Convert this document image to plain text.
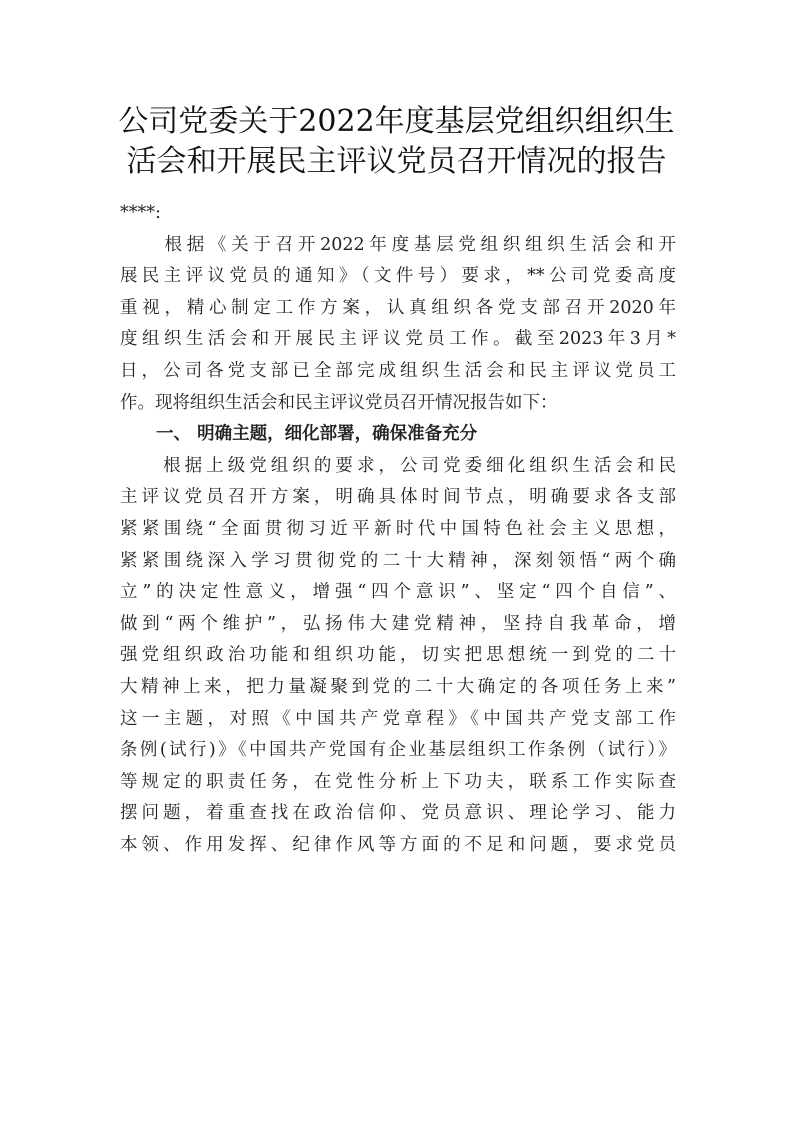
公司党委关于2022年度基层党组织组织生
活会和开展民主评议党员召开情况的报告
****:
　　根据《关于召开2022年度基层党组织组织生活会和开
展民主评议党员的通知》（文件号）要求，**公司党委高度
重视，精心制定工作方案，认真组织各党支部召开2020年
度组织生活会和开展民主评议党员工作。截至2023年3月*
日，公司各党支部已全部完成组织生活会和民主评议党员工
作。现将组织生活会和民主评议党员召开情况报告如下：
一、 明确主题，细化部署，确保准备充分
　　根据上级党组织的要求，公司党委细化组织生活会和民
主评议党员召开方案，明确具体时间节点，明确要求各支部
紧紧围绕“全面贯彻习近平新时代中国特色社会主义思想，
紧紧围绕深入学习贯彻党的二十大精神，深刻领悟“两个确
立”的决定性意义，增强“四个意识”、坚定“四个自信”、
做到“两个维护”，弘扬伟大建党精神，坚持自我革命，增
强党组织政治功能和组织功能，切实把思想统一到党的二十
大精神上来，把力量凝聚到党的二十大确定的各项任务上来”
这一主题，对照《中国共产党章程》《中国共产党支部工作
条例(试行)》《中国共产党国有企业基层组织工作条例（试行）》
等规定的职责任务，在党性分析上下功夫，联系工作实际查
摆问题，着重查找在政治信仰、党员意识、理论学习、能力
本领、作用发挥、纪律作风等方面的不足和问题，要求党员
